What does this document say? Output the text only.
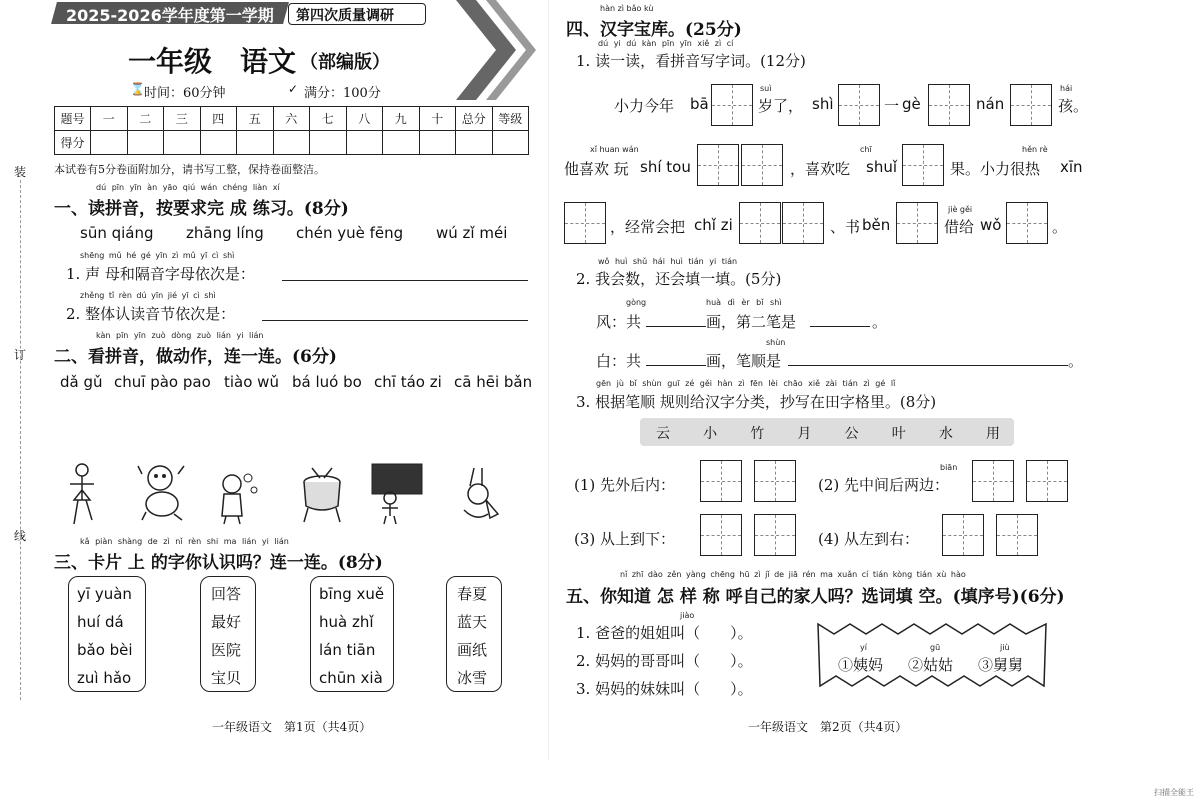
2025-2026学年度第一学期 第四次质量调研
一年级　语文 （部编版）
⌛ 时间：60分钟	✓ 满分：100分
题号	一	二	三	四	五	六	七	八	九	十	总分	等级
得分												
本试卷有5分卷面附加分，请书写工整，保持卷面整洁。
装
订
线
dú pīn yīn àn yāo qiú wán chéng liàn xí
一、读拼音，按要求完 成 练习。(8分)
sūn qiáng zhāng líng chén yuè fēng wú zǐ méi
shēng mǔ hé gé yīn zì mǔ yī cì shì
1. 声 母和隔音字母依次是：
zhěng tǐ rèn dú yīn jié yī cì shì
2. 整体认读音节依次是：
kàn pīn yīn zuò dòng zuò lián yi lián
二、看拼音，做动作，连一连。(6分)
dǎ gǔ chuī pào pao tiào wǔ bá luó bo chī táo zi cā hēi bǎn
kǎ piàn shàng de zì nǐ rèn shi ma lián yi lián
三、卡片 上 的字你认识吗？连一连。(8分)
yī yuàn
huí dá
bǎo bèi
zuì hǎo
回答
最好
医院
宝贝
bīng xuě
huà zhǐ
lán tiān
chūn xià
春夏
蓝天
画纸
冰雪
一年级语文　第1页（共4页）
hàn zì bǎo kù
四、汉字宝库。(25分)
dú yi dú kàn pīn yīn xiě zì cí
1. 读一读，看拼音写字词。(12分)
小力今年 bā
suì
岁了， shì	一 gè	nán
hái
孩。
xǐ huan wán
他喜欢 玩 shí tou	，喜欢吃
chī
shuǐ	果。小力很热
hěn rè
xīn
，经常会把 chǐ zi	、书 běn
jiè gěi
借给 wǒ	。
wǒ huì shǔ hái huì tián yi tián
2. 我会数，还会填一填。(5分)
gòng
风：共
huà dì èr bǐ shì
画，第二笔是	。
白：共
shùn
画，笔顺是	。
gēn jù bǐ shùn guī zé gěi hàn zì fēn lèi chāo xiě zài tián zì gé lǐ
3. 根据笔顺 规则给汉字分类，抄写在田字格里。(8分)
云 小 竹 月 公 叶 水 用
(1) 先外后内：
biān
(2) 先中间后两边：
(3) 从上到下：	(4) 从左到右：
nǐ zhī dào zěn yàng chēng hū zì jǐ de jiā rén ma xuǎn cí tián kòng tián xù hào
五、你知道 怎 样 称 呼自己的家人吗？选词填 空。(填序号)(6分)
jiào
1. 爸爸的姐姐叫（　　）。
2. 妈妈的哥哥叫（　　）。
3. 妈妈的妹妹叫（　　）。
yí	gū	jiù
①姨妈 ②姑姑 ③舅舅
一年级语文　第2页（共4页）
扫描全能王
